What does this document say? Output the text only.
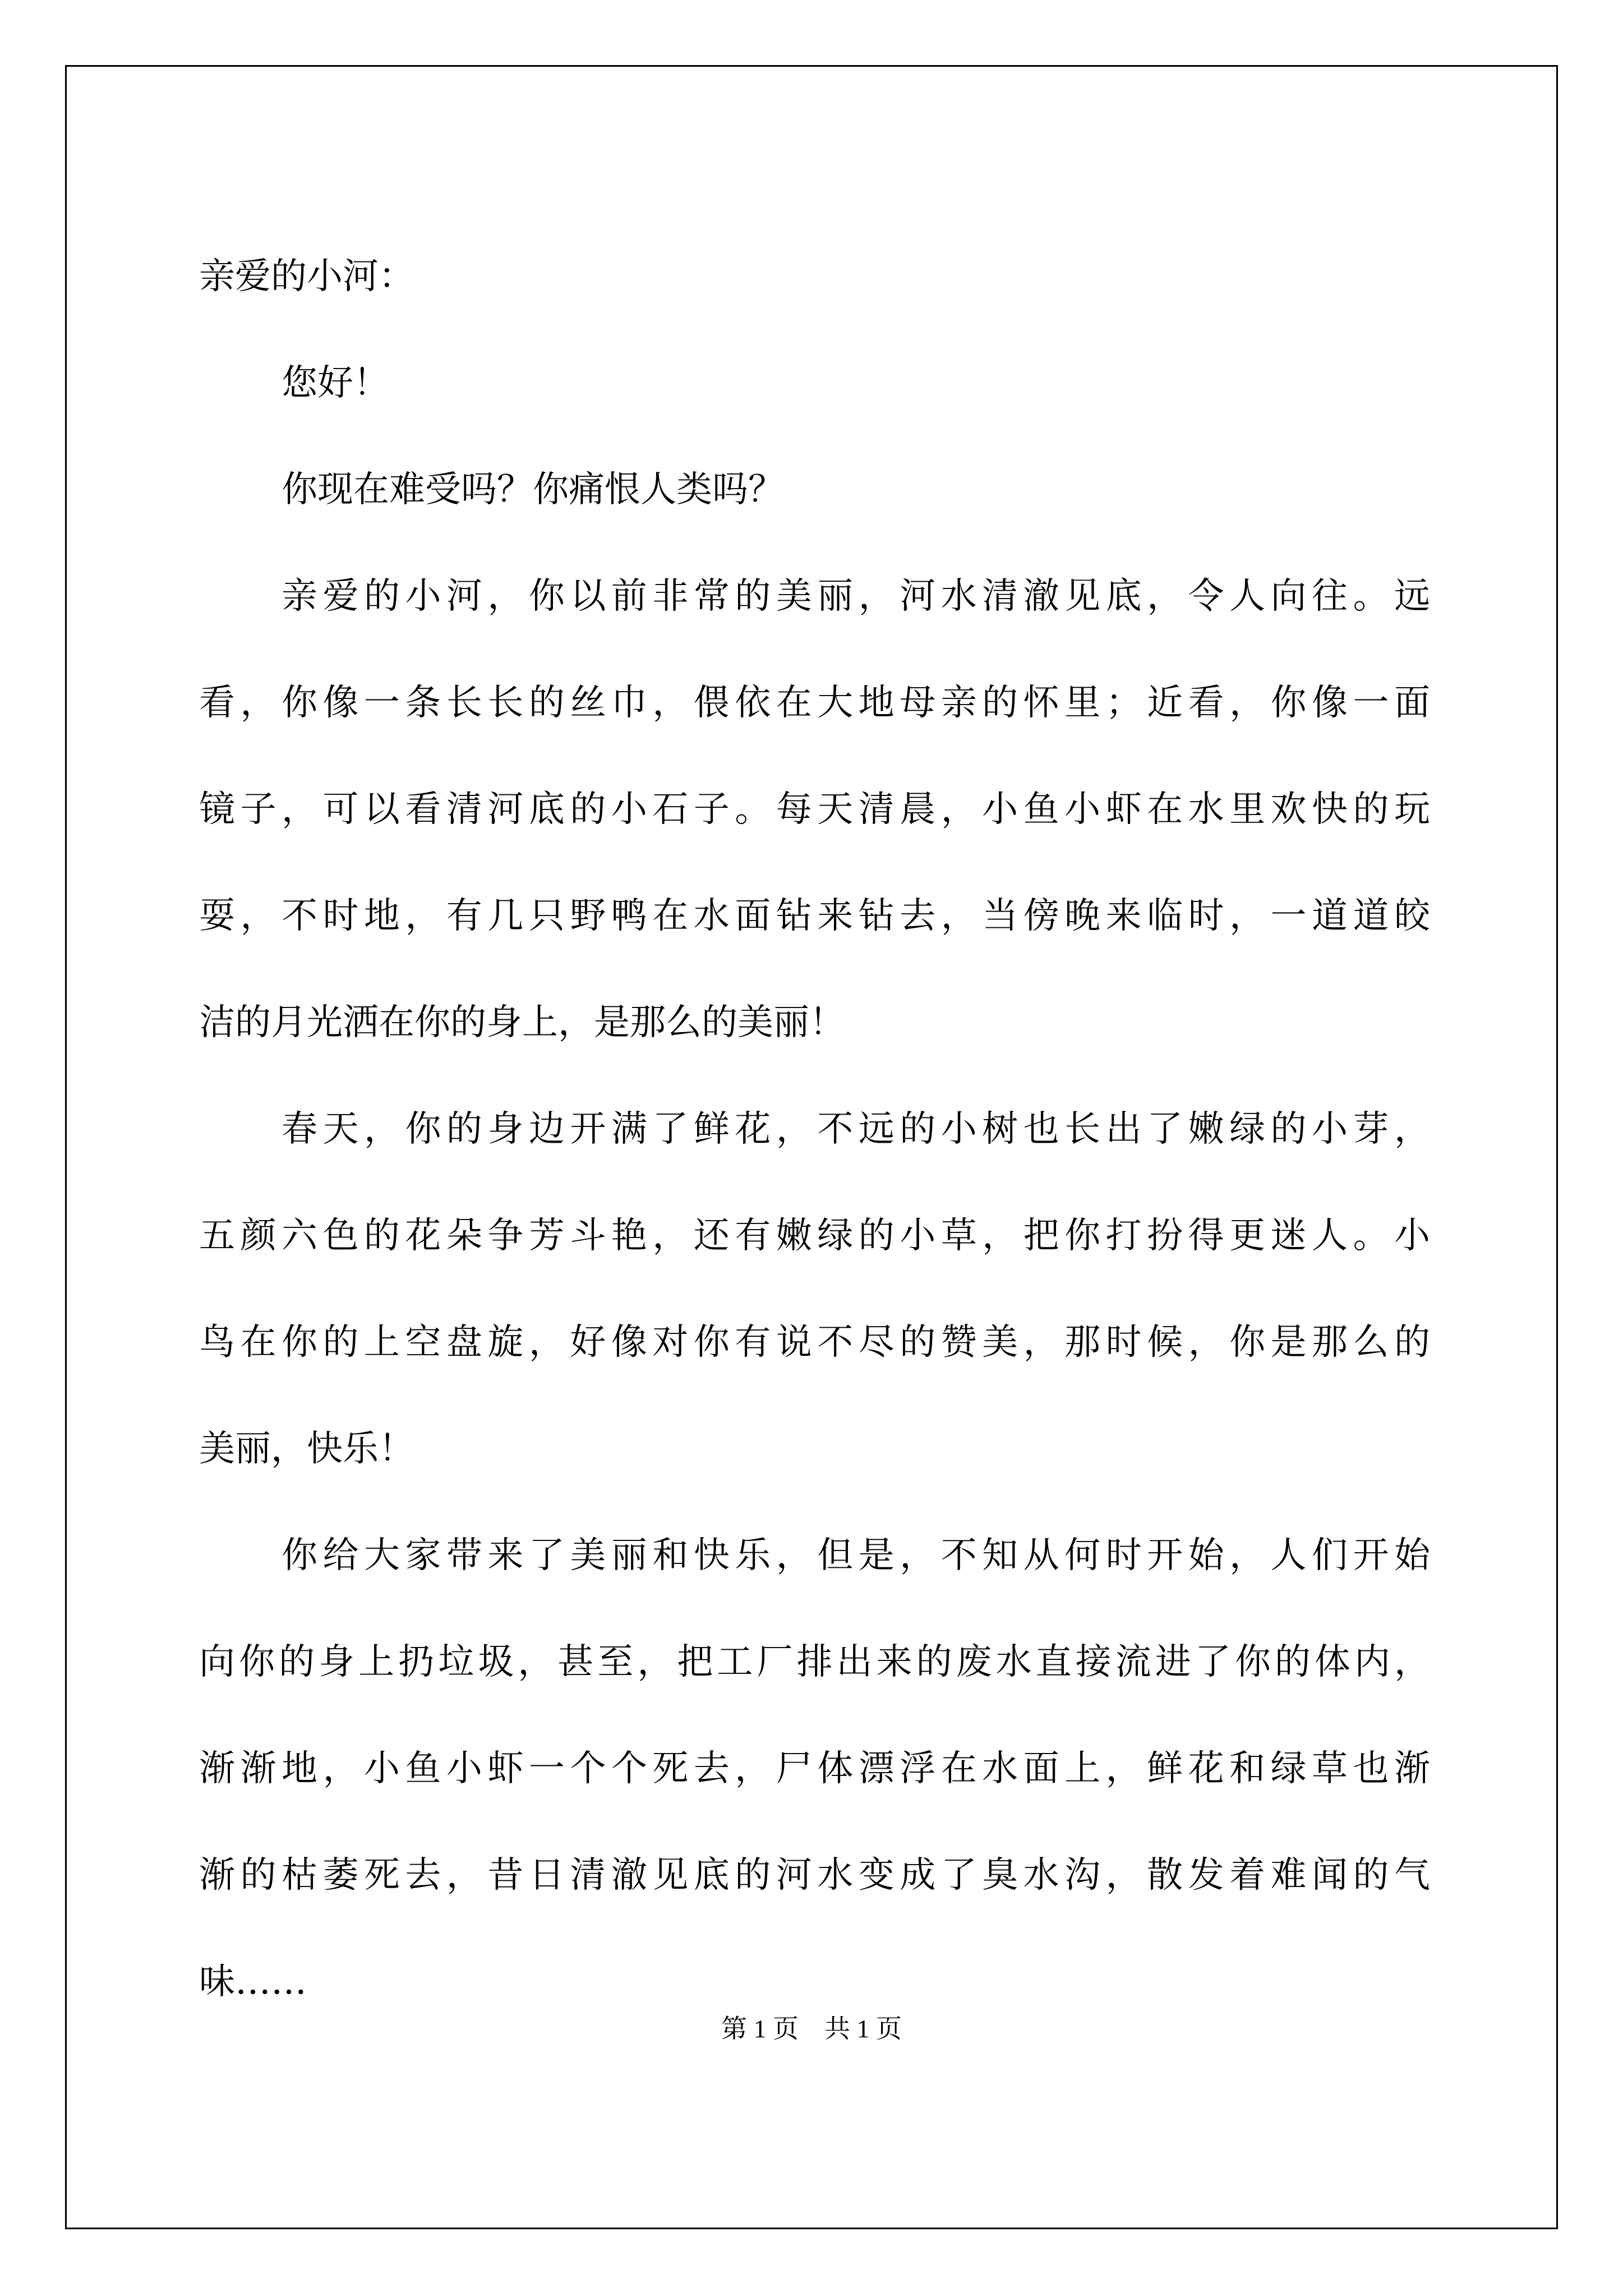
亲爱的小河：
您好！
你现在难受吗？你痛恨人类吗？
亲爱的小河，你以前非常的美丽，河水清澈见底，令人向往。远
看，你像一条长长的丝巾，偎依在大地母亲的怀里；近看，你像一面
镜子，可以看清河底的小石子。每天清晨，小鱼小虾在水里欢快的玩
耍，不时地，有几只野鸭在水面钻来钻去，当傍晚来临时，一道道皎
洁的月光洒在你的身上，是那么的美丽！
春天，你的身边开满了鲜花，不远的小树也长出了嫩绿的小芽，
五颜六色的花朵争芳斗艳，还有嫩绿的小草，把你打扮得更迷人。小
鸟在你的上空盘旋，好像对你有说不尽的赞美，那时候，你是那么的
美丽，快乐！
你给大家带来了美丽和快乐，但是，不知从何时开始，人们开始
向你的身上扔垃圾，甚至，把工厂排出来的废水直接流进了你的体内，
渐渐地，小鱼小虾一个个死去，尸体漂浮在水面上，鲜花和绿草也渐
渐的枯萎死去，昔日清澈见底的河水变成了臭水沟，散发着难闻的气
味……
第 1 页　共 1 页
